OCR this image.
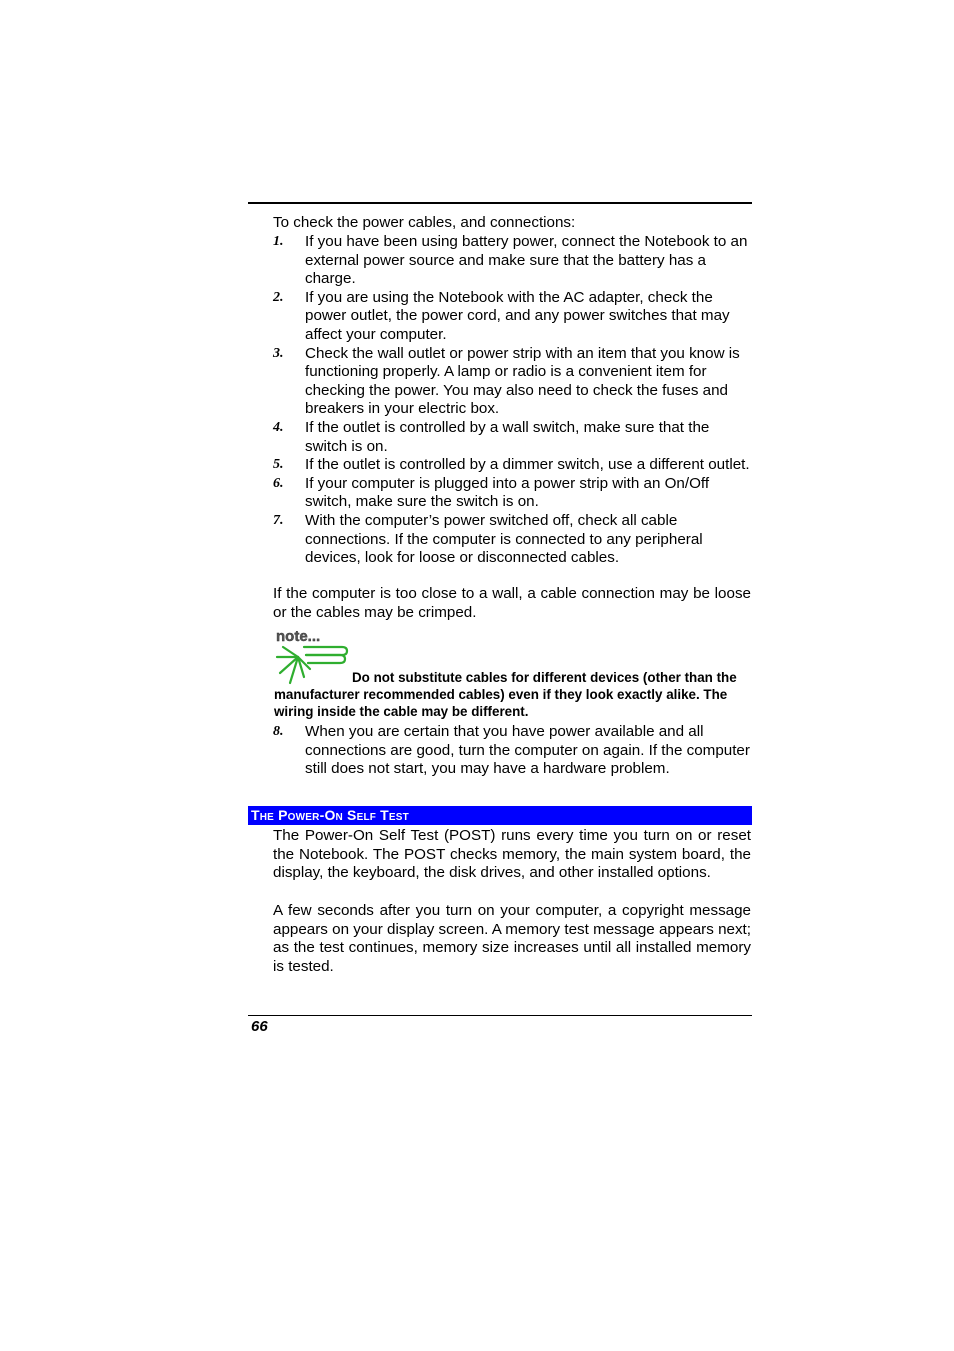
To check the power cables, and connections:
1. If you have been using battery power, connect the Notebook to an external power source and make sure that the battery has a charge.
2. If you are using the Notebook with the AC adapter, check the power outlet, the power cord, and any power switches that may affect your computer.
3. Check the wall outlet or power strip with an item that you know is functioning properly. A lamp or radio is a convenient item for checking the power. You may also need to check the fuses and breakers in your electric box.
4. If the outlet is controlled by a wall switch, make sure that the switch is on.
5. If the outlet is controlled by a dimmer switch, use a different outlet.
6. If your computer is plugged into a power strip with an On/Off switch, make sure the switch is on.
7. With the computer’s power switched off, check all cable connections. If the computer is connected to any peripheral devices, look for loose or disconnected cables.
If the computer is too close to a wall, a cable connection may be loose or the cables may be crimped.
note...
Do not substitute cables for different devices (other than the manufacturer recommended cables) even if they look exactly alike. The wiring inside the cable may be different.
8. When you are certain that you have power available and all connections are good, turn the computer on again. If the computer still does not start, you may have a hardware problem.
The Power-On Self Test
The Power-On Self Test (POST) runs every time you turn on or reset the Notebook. The POST checks memory, the main system board, the display, the keyboard, the disk drives, and other installed options.
A few seconds after you turn on your computer, a copyright message appears on your display screen. A memory test message appears next; as the test continues, memory size increases until all installed memory is tested.
66
